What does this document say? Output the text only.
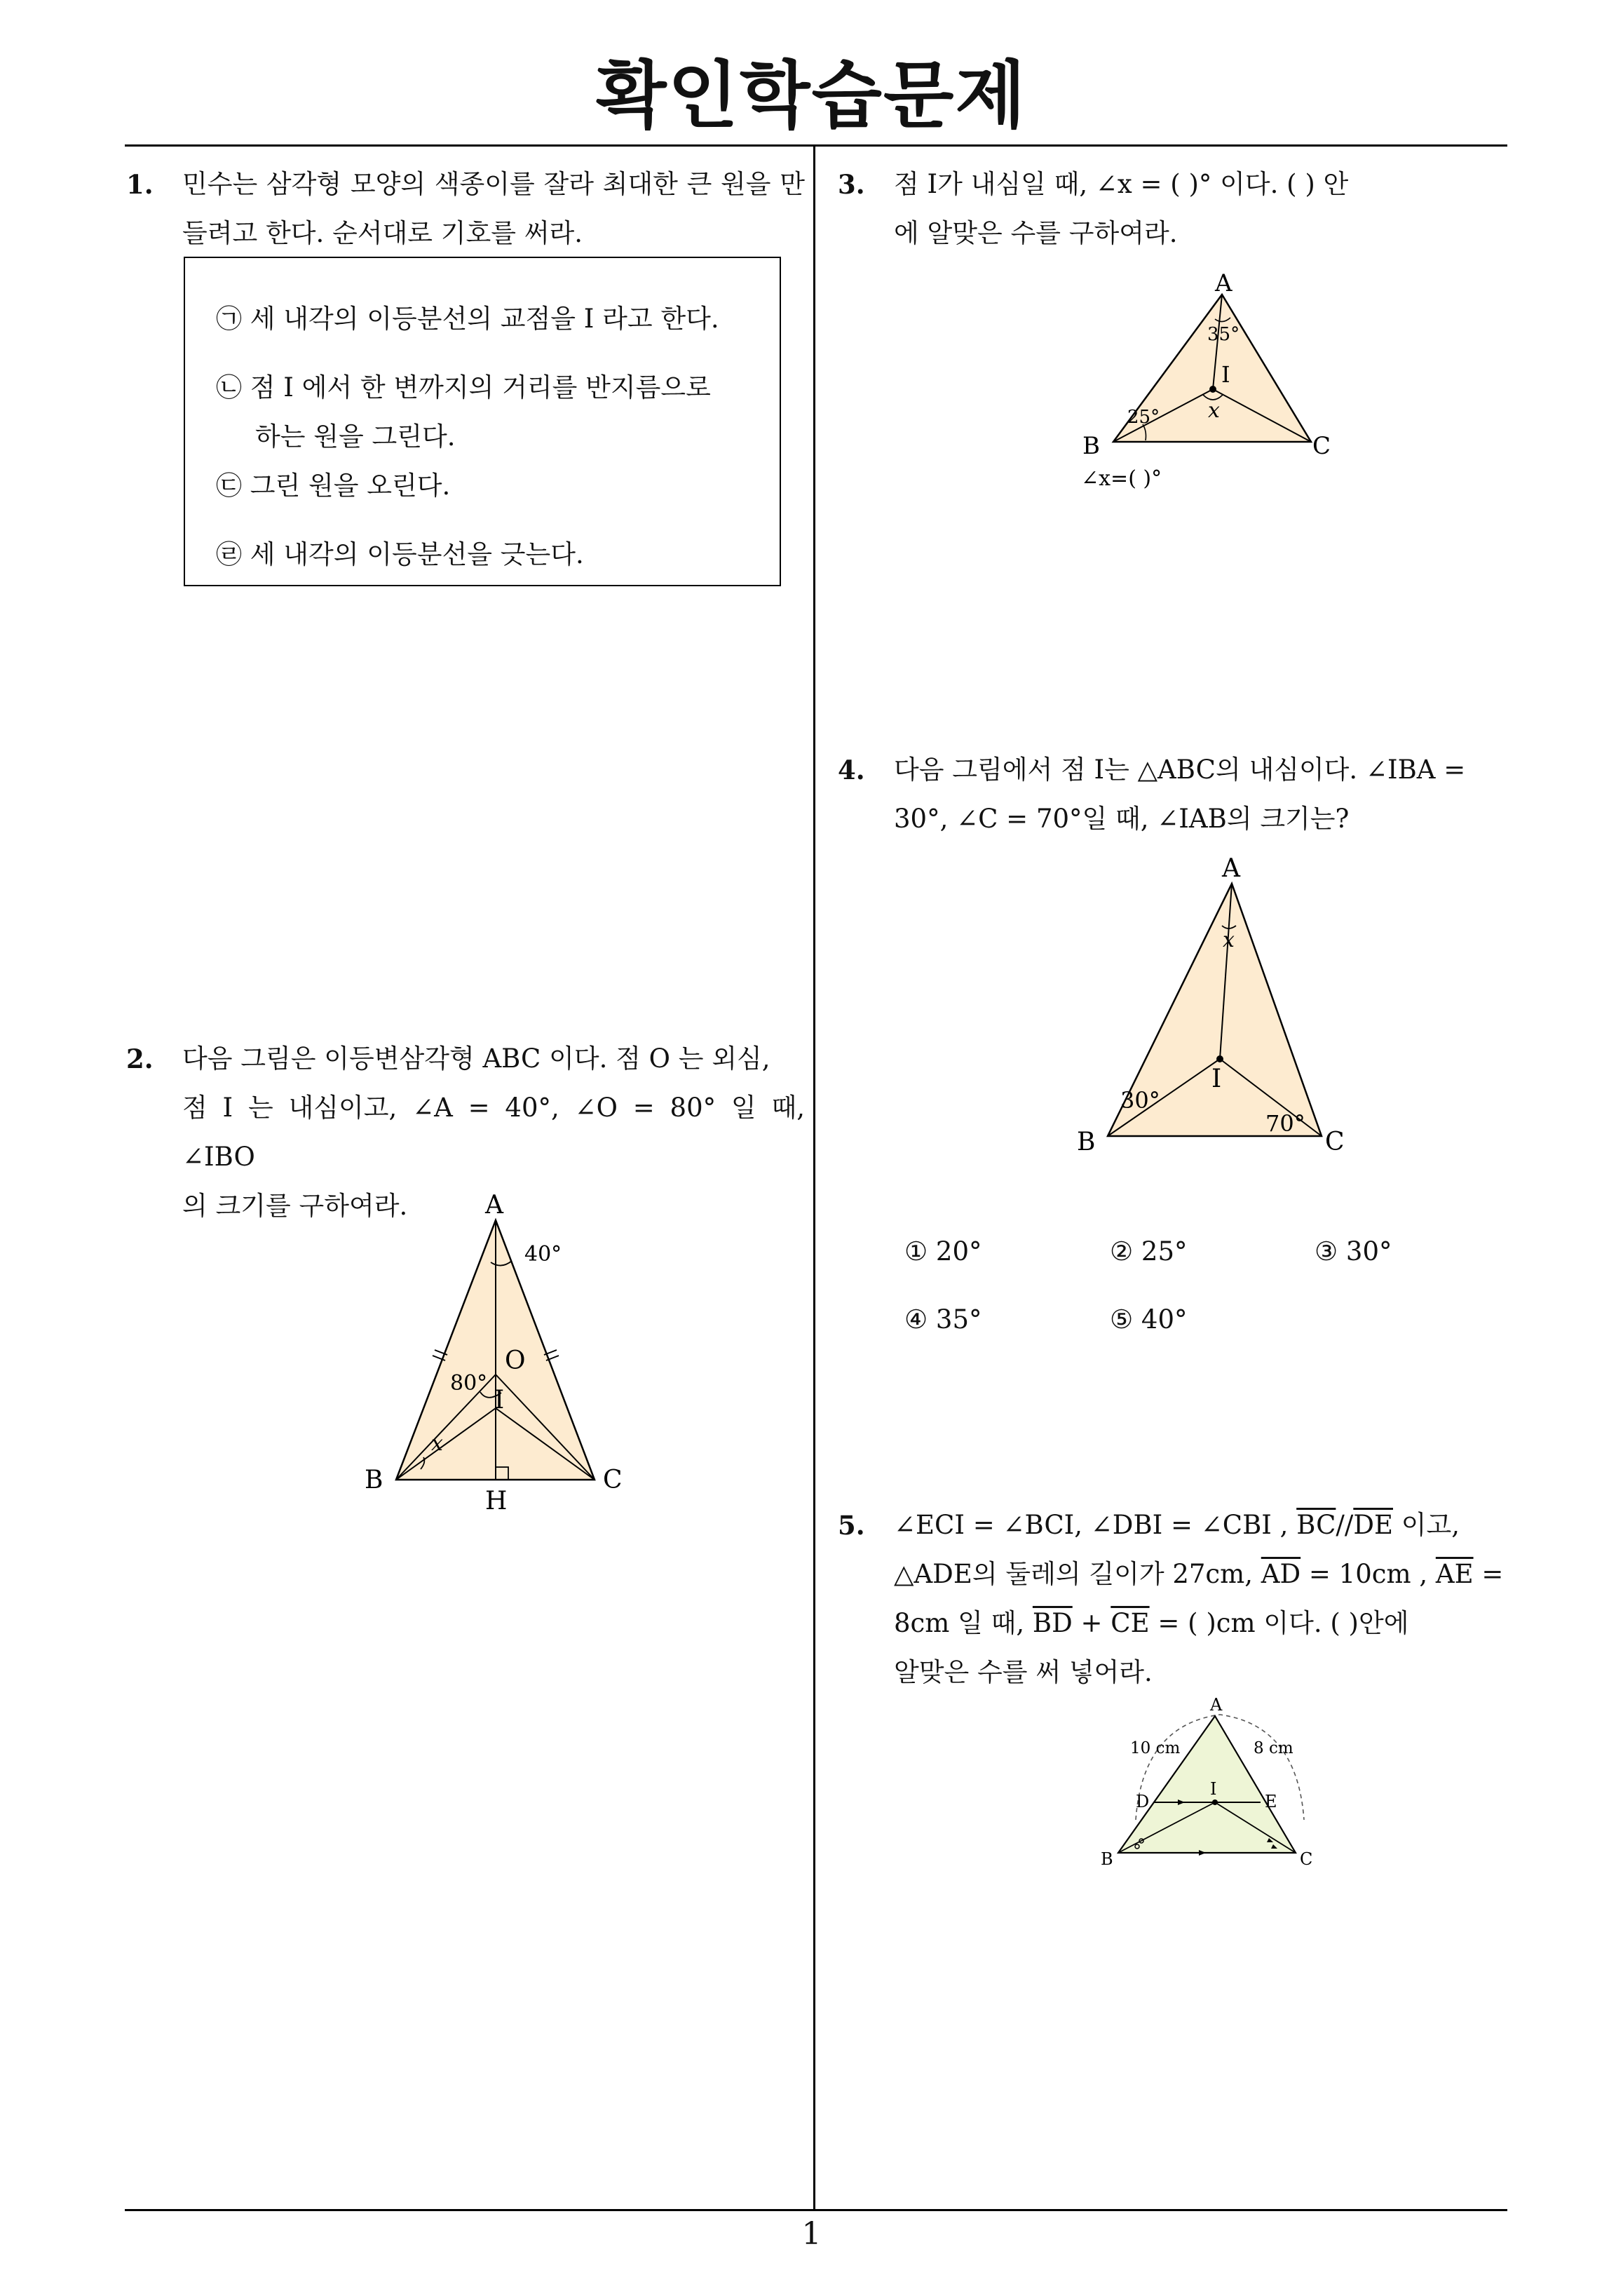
확인학습문제
1
1. 민수는 삼각형 모양의 색종이를 잘라 최대한 큰 원을 만들려고 한다. 순서대로 기호를 써라.
㉠ 세 내각의 이등분선의 교점을 I 라고 한다.
㉡ 점 I 에서 한 변까지의 거리를 반지름으로
하는 원을 그린다.
㉢ 그린 원을 오린다.
㉣ 세 내각의 이등분선을 긋는다.
2. 다음 그림은 이등변삼각형 ABC 이다. 점 O 는 외심,
점 I 는 내심이고, ∠A = 40°, ∠O = 80° 일 때, ∠IBO
의 크기를 구하여라.	A
B	C
H
O
I
40°
80°
x
3. 점 I가 내심일 때, ∠x = ( )° 이다. ( ) 안
에 알맞은 수를 구하여라.
A
B	C
I
35°
25° x
∠x=( )°
4. 다음 그림에서 점 I는 △ABC의 내심이다. ∠IBA =
30°, ∠C = 70°일 때, ∠IAB의 크기는?
A
B	C
I
30°
70°
x
① 20°	② 25°	③ 30°
④ 35°	⑤ 40°
5. ∠ECI = ∠BCI, ∠DBI = ∠CBI , $\overline{BC}//\overline{DE}$ 이고,
△ADE의 둘레의 길이가 27cm, $\overline{AD} = 10cm$ , $\overline{AE}$ =
8cm 일 때, $\overline{BD} + \overline{CE}$ = ( )cm 이다. ( )안에
알맞은 수를 써 넣어라.
A
B	C
D	E
I
10 cm	8 cm
